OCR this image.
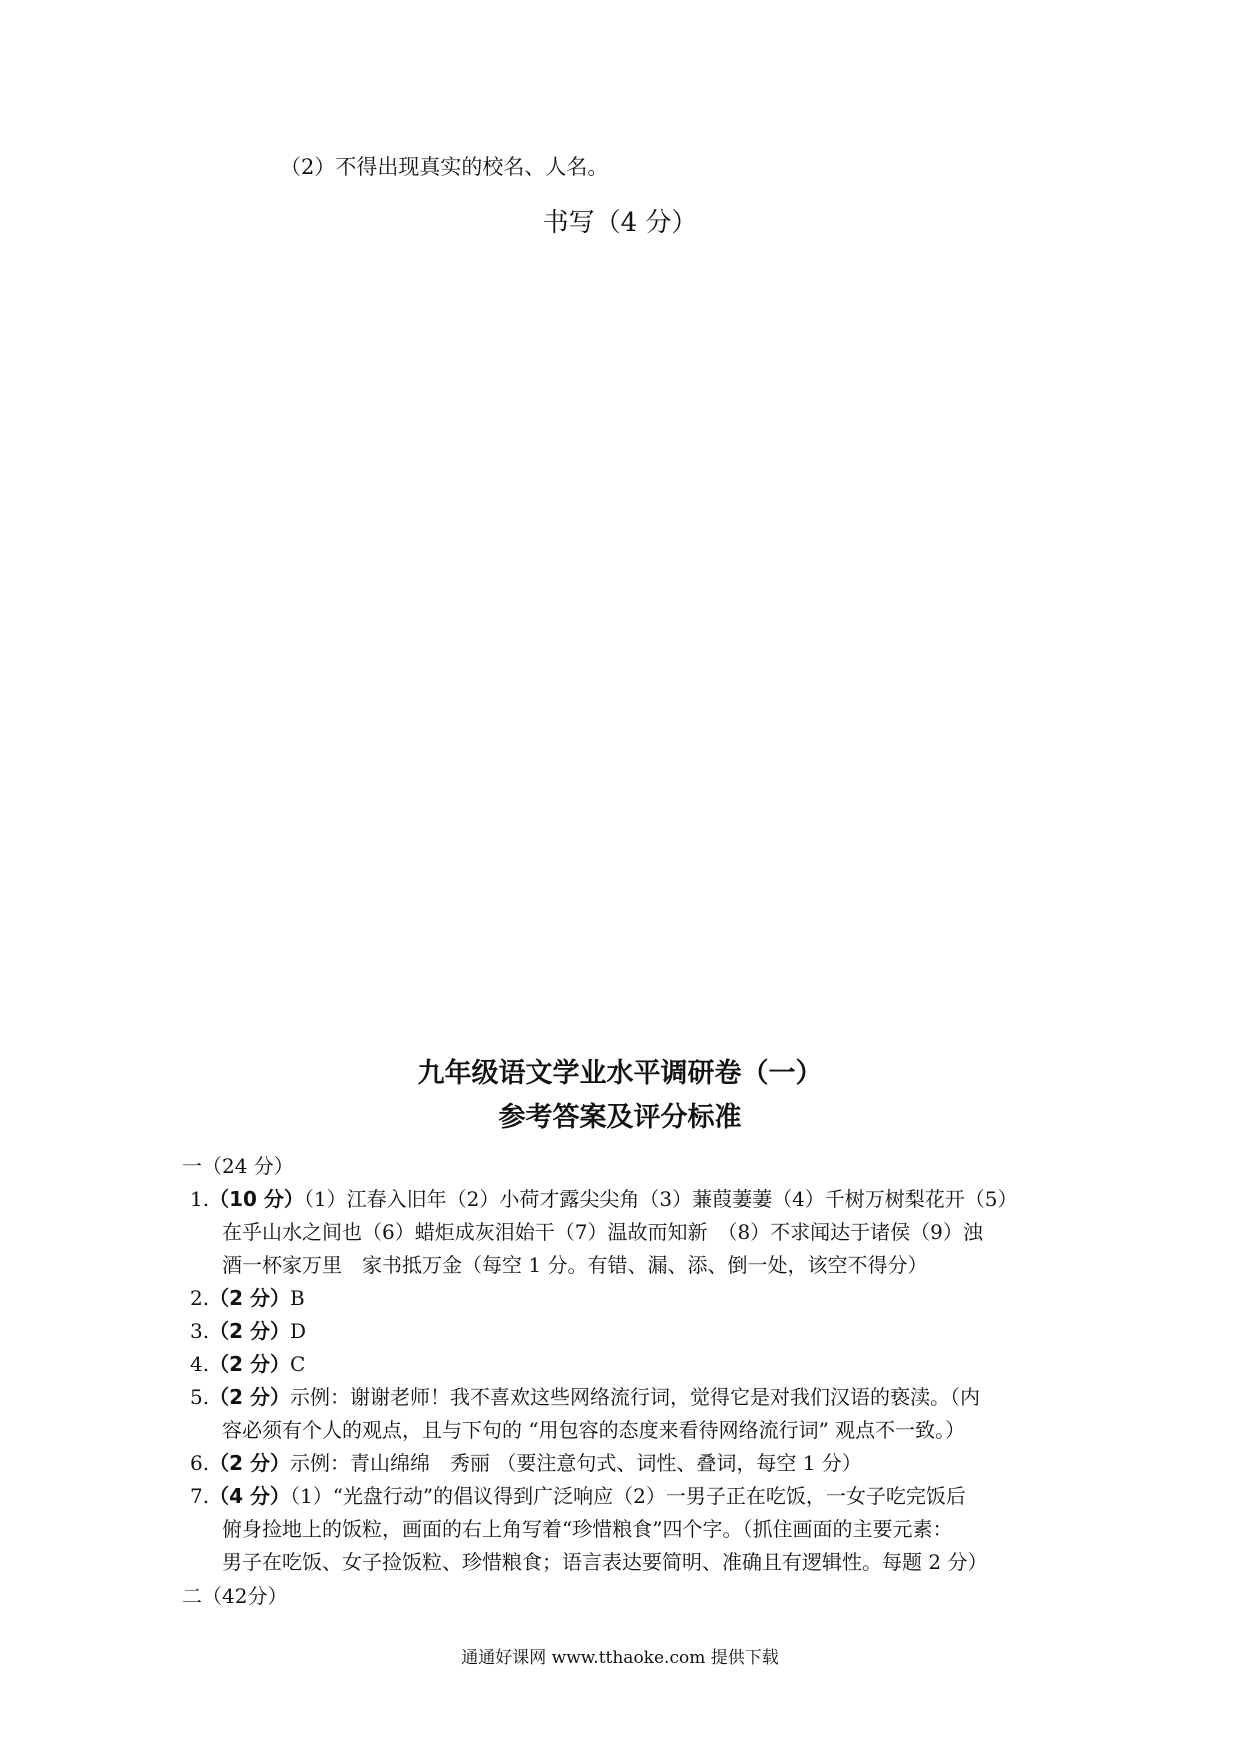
（2）不得出现真实的校名、人名。

书写（4 分）
九年级语文学业水平调研卷（一）
参考答案及评分标准

一（24 分）

1.（10 分）（1）江春入旧年（2）小荷才露尖尖角（3）蒹葭萋萋（4）千树万树梨花开（5）

在乎山水之间也（6）蜡炬成灰泪始干（7）温故而知新　（8）不求闻达于诸侯（9）浊

酒一杯家万里　家书抵万金（每空 1 分。有错、漏、添、倒一处，该空不得分）

2.（2 分）B

3.（2 分）D

4.（2 分）C

5.（2 分）示例：谢谢老师！我不喜欢这些网络流行词，觉得它是对我们汉语的亵渎。（内

容必须有个人的观点，且与下句的 “用包容的态度来看待网络流行词” 观点不一致。）

6.（2 分）示例：青山绵绵　秀丽 （要注意句式、词性、叠词，每空 1 分）

7.（4 分）（1）“光盘行动”的倡议得到广泛响应（2）一男子正在吃饭，一女子吃完饭后

俯身捡地上的饭粒，画面的右上角写着“珍惜粮食”四个字。（抓住画面的主要元素：

男子在吃饭、女子捡饭粒、珍惜粮食；语言表达要简明、准确且有逻辑性。每题 2 分）

二（42分）

通通好课网 www.tthaoke.com 提供下载
